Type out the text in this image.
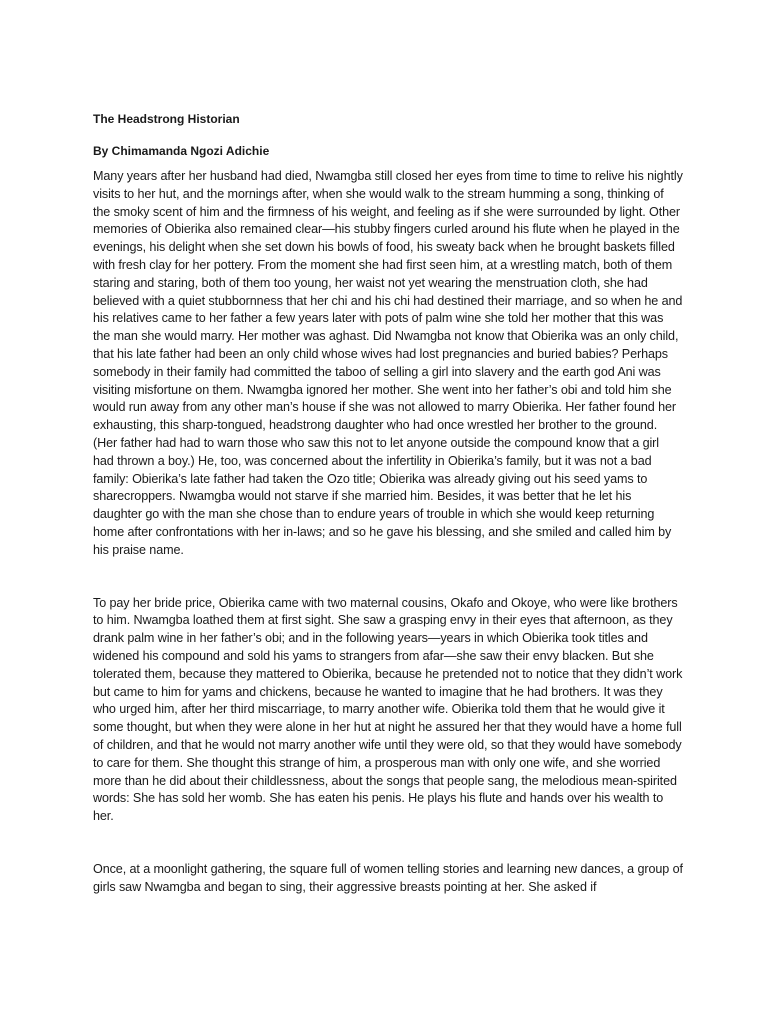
The Headstrong Historian

By Chimamanda Ngozi Adichie

Many years after her husband had died, Nwamgba still closed her eyes from time to time to relive his nightly visits to her hut, and the mornings after, when she would walk to the stream humming a song, thinking of the smoky scent of him and the firmness of his weight, and feeling as if she were surrounded by light. Other memories of Obierika also remained clear—his stubby fingers curled around his flute when he played in the evenings, his delight when she set down his bowls of food, his sweaty back when he brought baskets filled with fresh clay for her pottery. From the moment she had first seen him, at a wrestling match, both of them staring and staring, both of them too young, her waist not yet wearing the menstruation cloth, she had believed with a quiet stubbornness that her chi and his chi had destined their marriage, and so when he and his relatives came to her father a few years later with pots of palm wine she told her mother that this was the man she would marry. Her mother was aghast. Did Nwamgba not know that Obierika was an only child, that his late father had been an only child whose wives had lost pregnancies and buried babies? Perhaps somebody in their family had committed the taboo of selling a girl into slavery and the earth god Ani was visiting misfortune on them. Nwamgba ignored her mother. She went into her father’s obi and told him she would run away from any other man’s house if she was not allowed to marry Obierika. Her father found her exhausting, this sharp-tongued, headstrong daughter who had once wrestled her brother to the ground. (Her father had had to warn those who saw this not to let anyone outside the compound know that a girl had thrown a boy.) He, too, was concerned about the infertility in Obierika’s family, but it was not a bad family: Obierika’s late father had taken the Ozo title; Obierika was already giving out his seed yams to sharecroppers. Nwamgba would not starve if she married him. Besides, it was better that he let his daughter go with the man she chose than to endure years of trouble in which she would keep returning home after confrontations with her in-laws; and so he gave his blessing, and she smiled and called him by his praise name.

To pay her bride price, Obierika came with two maternal cousins, Okafo and Okoye, who were like brothers to him. Nwamgba loathed them at first sight. She saw a grasping envy in their eyes that afternoon, as they drank palm wine in her father’s obi; and in the following years—years in which Obierika took titles and widened his compound and sold his yams to strangers from afar—she saw their envy blacken. But she tolerated them, because they mattered to Obierika, because he pretended not to notice that they didn’t work but came to him for yams and chickens, because he wanted to imagine that he had brothers. It was they who urged him, after her third miscarriage, to marry another wife. Obierika told them that he would give it some thought, but when they were alone in her hut at night he assured her that they would have a home full of children, and that he would not marry another wife until they were old, so that they would have somebody to care for them. She thought this strange of him, a prosperous man with only one wife, and she worried more than he did about their childlessness, about the songs that people sang, the melodious mean-spirited words: She has sold her womb. She has eaten his penis. He plays his flute and hands over his wealth to her.

Once, at a moonlight gathering, the square full of women telling stories and learning new dances, a group of girls saw Nwamgba and began to sing, their aggressive breasts pointing at her. She asked if
